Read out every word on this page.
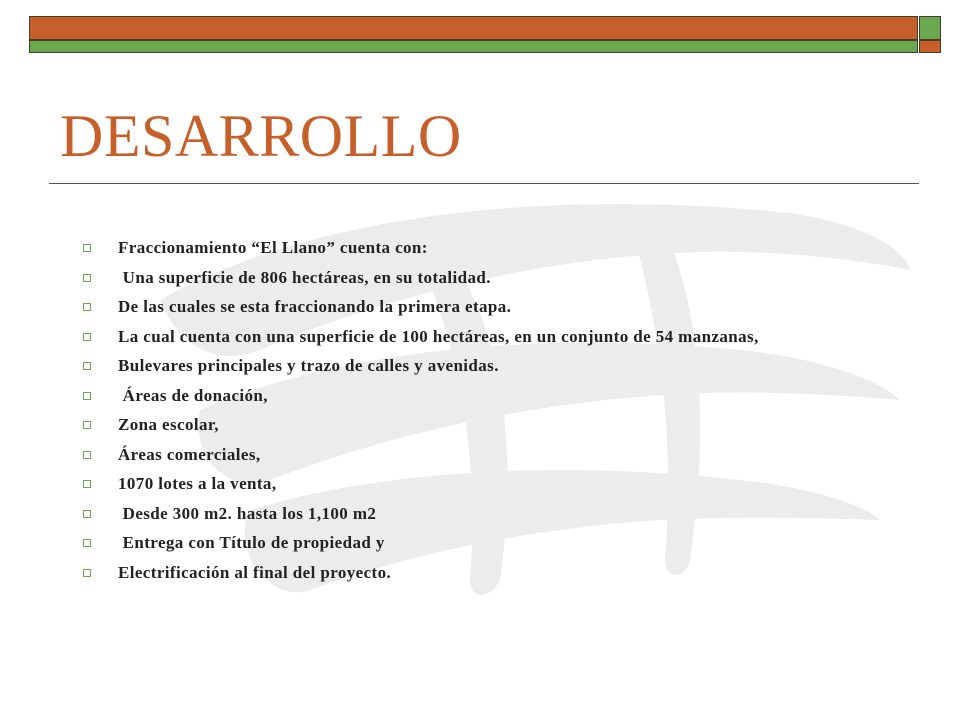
DESARROLLO
Fraccionamiento “El Llano” cuenta con:
Una superficie de 806 hectáreas, en su totalidad.
De las cuales se esta fraccionando la primera etapa.
La cual cuenta con una superficie de 100 hectáreas, en un conjunto de 54 manzanas,
Bulevares principales y trazo de calles y avenidas.
Áreas de donación,
Zona escolar,
Áreas comerciales,
1070 lotes a la venta,
Desde 300 m2. hasta los 1,100 m2
Entrega con Título de propiedad y
Electrificación al final del proyecto.
